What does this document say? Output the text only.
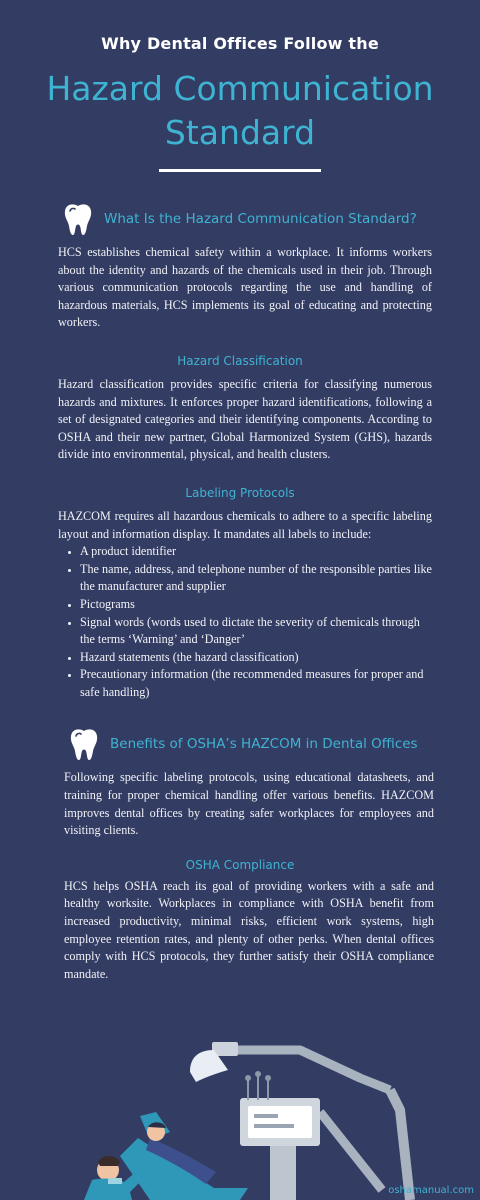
Why Dental Offices Follow the
Hazard Communication
Standard
What Is the Hazard Communication Standard?

HCS establishes chemical safety within a workplace. It informs workers about the identity and hazards of the chemicals used in their job. Through various communication protocols regarding the use and handling of hazardous materials, HCS implements its goal of educating and protecting workers.

Hazard Classification

Hazard classification provides specific criteria for classifying numerous hazards and mixtures. It enforces proper hazard identifications, following a set of designated categories and their identifying components. According to OSHA and their new partner, Global Harmonized System (GHS), hazards divide into environmental, physical, and health clusters.

Labeling Protocols

HAZCOM requires all hazardous chemicals to adhere to a specific labeling layout and information display. It mandates all labels to include:

• A product identifier
• The name, address, and telephone number of the responsible parties like the manufacturer and supplier
• Pictograms
• Signal words (words used to dictate the severity of chemicals through the terms ‘Warning’ and ‘Danger’
• Hazard statements (the hazard classification)
• Precautionary information (the recommended measures for proper and safe handling)
Benefits of OSHA’s HAZCOM in Dental Offices

Following specific labeling protocols, using educational datasheets, and training for proper chemical handling offer various benefits. HAZCOM improves dental offices by creating safer workplaces for employees and visiting clients.

OSHA Compliance

HCS helps OSHA reach its goal of providing workers with a safe and healthy worksite. Workplaces in compliance with OSHA benefit from increased productivity, minimal risks, efficient work systems, high employee retention rates, and plenty of other perks. When dental offices comply with HCS protocols, they further satisfy their OSHA compliance mandate.

oshamanual.com
